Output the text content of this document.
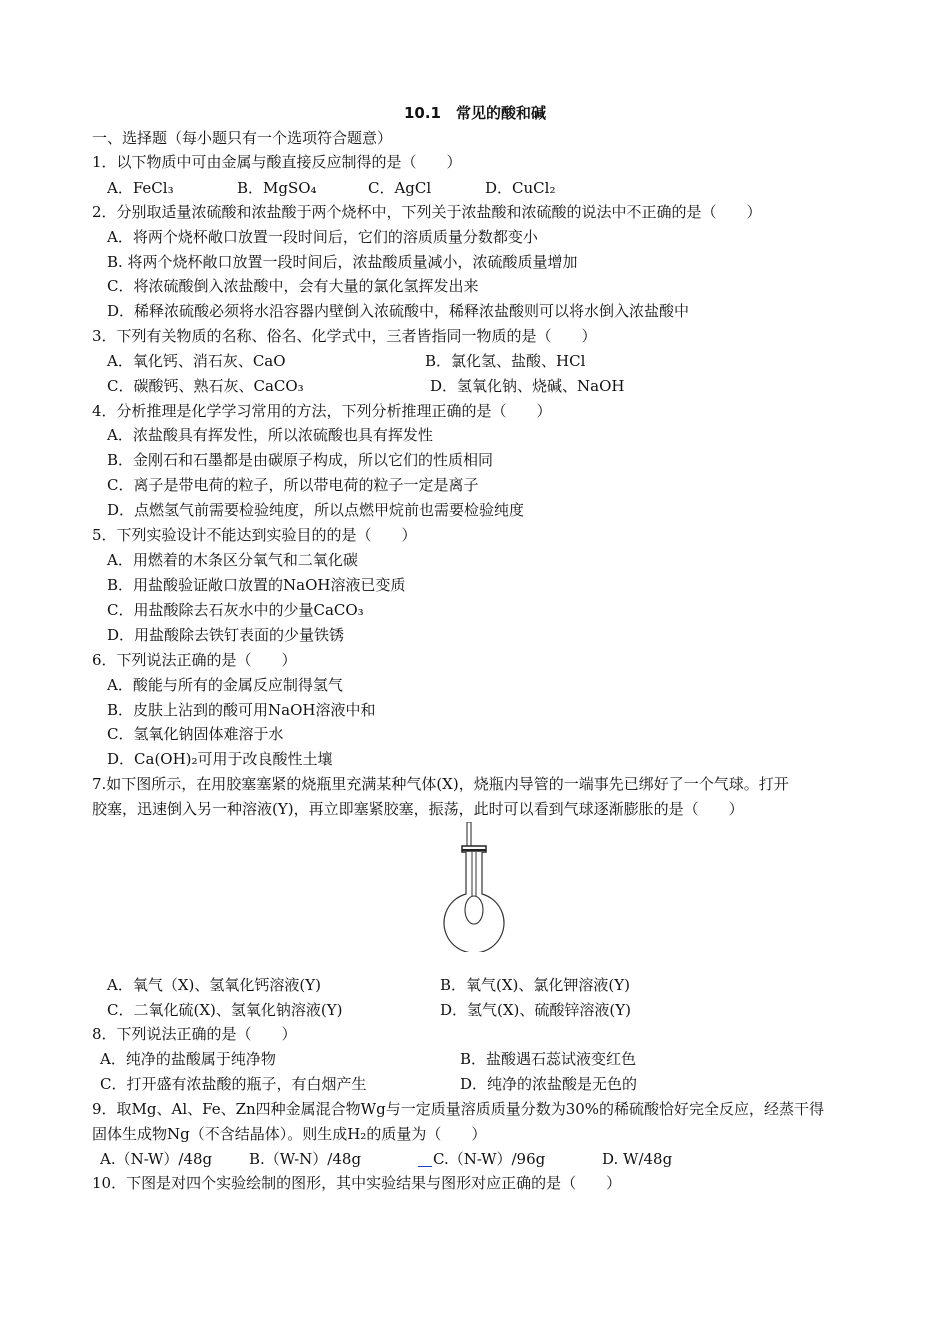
10.1　常见的酸和碱
一、选择题（每小题只有一个选项符合题意）
1．以下物质中可由金属与酸直接反应制得的是（　　）
A．FeCl₃	B．MgSO₄	C．AgCl	D．CuCl₂
2．分别取适量浓硫酸和浓盐酸于两个烧杯中，下列关于浓盐酸和浓硫酸的说法中不正确的是（　　）
A．将两个烧杯敞口放置一段时间后，它们的溶质质量分数都变小
B. 将两个烧杯敞口放置一段时间后，浓盐酸质量减小，浓硫酸质量增加
C．将浓硫酸倒入浓盐酸中，会有大量的氯化氢挥发出来
D．稀释浓硫酸必须将水沿容器内壁倒入浓硫酸中，稀释浓盐酸则可以将水倒入浓盐酸中
3．下列有关物质的名称、俗名、化学式中，三者皆指同一物质的是（　　）
A．氧化钙、消石灰、CaO	B．氯化氢、盐酸、HCl
C．碳酸钙、熟石灰、CaCO₃	D．氢氧化钠、烧碱、NaOH
4．分析推理是化学学习常用的方法，下列分析推理正确的是（　　）
A．浓盐酸具有挥发性，所以浓硫酸也具有挥发性
B．金刚石和石墨都是由碳原子构成，所以它们的性质相同
C．离子是带电荷的粒子，所以带电荷的粒子一定是离子
D．点燃氢气前需要检验纯度，所以点燃甲烷前也需要检验纯度
5．下列实验设计不能达到实验目的的是（　　）
A．用燃着的木条区分氧气和二氧化碳
B．用盐酸验证敞口放置的NaOH溶液已变质
C．用盐酸除去石灰水中的少量CaCO₃
D．用盐酸除去铁钉表面的少量铁锈
6．下列说法正确的是（　　）
A．酸能与所有的金属反应制得氢气
B．皮肤上沾到的酸可用NaOH溶液中和
C．氢氧化钠固体难溶于水
D．Ca(OH)₂可用于改良酸性土壤
7.如下图所示，在用胶塞塞紧的烧瓶里充满某种气体(X)，烧瓶内导管的一端事先已绑好了一个气球。打开
胶塞，迅速倒入另一种溶液(Y)，再立即塞紧胶塞，振荡，此时可以看到气球逐渐膨胀的是（　　）
A．氧气（X)、氢氧化钙溶液(Y)	B．氧气(X)、氯化钾溶液(Y)
C．二氧化硫(X)、氢氧化钠溶液(Y)	D．氢气(X)、硫酸锌溶液(Y)
8．下列说法正确的是（　　）
A．纯净的盐酸属于纯净物	B．盐酸遇石蕊试液变红色
C．打开盛有浓盐酸的瓶子，有白烟产生	D．纯净的浓盐酸是无色的
9．取Mg、Al、Fe、Zn四种金属混合物Wg与一定质量溶质质量分数为30%的稀硫酸恰好完全反应，经蒸干得
固体生成物Ng（不含结晶体）。则生成H₂的质量为（　　）
A.（N-W）/48g B.（W-N）/48g	C.（N-W）/96g	D. W/48g
10．下图是对四个实验绘制的图形，其中实验结果与图形对应正确的是（　　）
